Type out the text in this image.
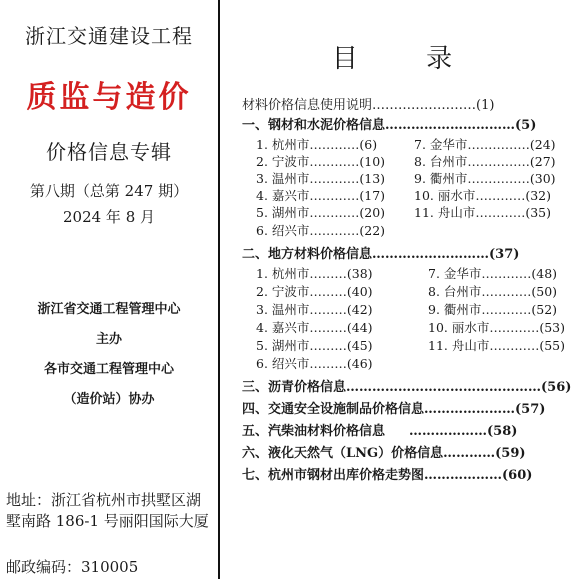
浙江交通建设工程
质监与造价
价格信息专辑
第八期（总第 247 期）
2024 年 8 月
浙江省交通工程管理中心
主办
各市交通工程管理中心
（造价站）协办
地址：浙江省杭州市拱墅区湖墅南路 186-1 号丽阳国际大厦
邮政编码：310005
目 录
材料价格信息使用说明……………………(1)
一、钢材和水泥价格信息…………………………(5)
1. 杭州市…………(6)	7. 金华市……………(24)
2. 宁波市…………(10) 8. 台州市……………(27)
3. 温州市…………(13) 9. 衢州市……………(30)
4. 嘉兴市…………(17) 10. 丽水市…………(32)
5. 湖州市…………(20) 11. 舟山市…………(35)
6. 绍兴市…………(22)
二、地方材料价格信息………………………(37)
1. 杭州市………(38)	7. 金华市…………(48)
2. 宁波市………(40)	8. 台州市…………(50)
3. 温州市………(42)	9. 衢州市…………(52)
4. 嘉兴市………(44)	10. 丽水市…………(53)
5. 湖州市………(45)	11. 舟山市…………(55)
6. 绍兴市………(46)
三、沥青价格信息………………………………………(56)
四、交通安全设施制品价格信息…………………(57)
五、汽柴油材料价格信息 ………………(58)
六、液化天然气（LNG）价格信息…………(59)
七、杭州市钢材出库价格走势图………………(60)
